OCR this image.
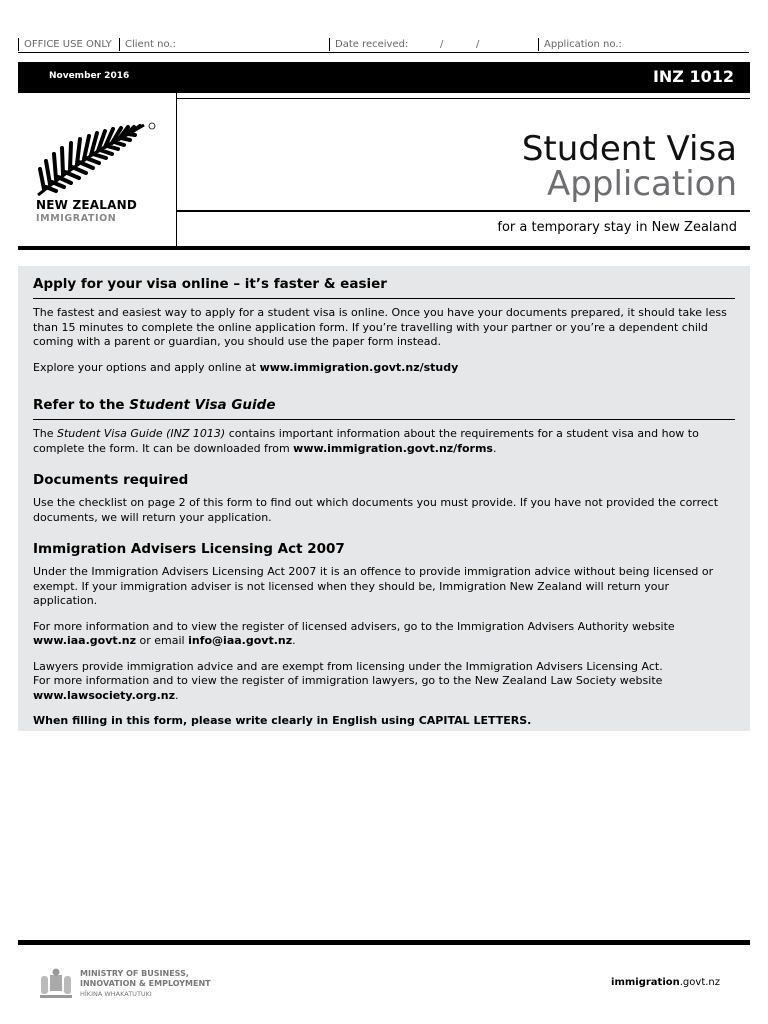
OFFICE USE ONLY	Client no.:	Date received:	/	/	Application no.:
November 2016	INZ 1012
NEW ZEALAND
IMMIGRATION
Student Visa
Application
for a temporary stay in New Zealand
Apply for your visa online – it’s faster & easier

The fastest and easiest way to apply for a student visa is online. Once you have your documents prepared, it should take less than 15 minutes to complete the online application form. If you’re travelling with your partner or you’re a dependent child coming with a parent or guardian, you should use the paper form instead.

Explore your options and apply online at www.immigration.govt.nz/study

Refer to the Student Visa Guide

The Student Visa Guide (INZ 1013) contains important information about the requirements for a student visa and how to complete the form. It can be downloaded from www.immigration.govt.nz/forms.

Documents required

Use the checklist on page 2 of this form to find out which documents you must provide. If you have not provided the correct documents, we will return your application.

Immigration Advisers Licensing Act 2007

Under the Immigration Advisers Licensing Act 2007 it is an offence to provide immigration advice without being licensed or exempt. If your immigration adviser is not licensed when they should be, Immigration New Zealand will return your application.

For more information and to view the register of licensed advisers, go to the Immigration Advisers Authority website www.iaa.govt.nz or email info@iaa.govt.nz.

Lawyers provide immigration advice and are exempt from licensing under the Immigration Advisers Licensing Act.
For more information and to view the register of immigration lawyers, go to the New Zealand Law Society website www.lawsociety.org.nz.

When filling in this form, please write clearly in English using CAPITAL LETTERS.

MINISTRY OF BUSINESS,
INNOVATION & EMPLOYMENT
HĪKINA WHAKATUTUKI
immigration.govt.nz
